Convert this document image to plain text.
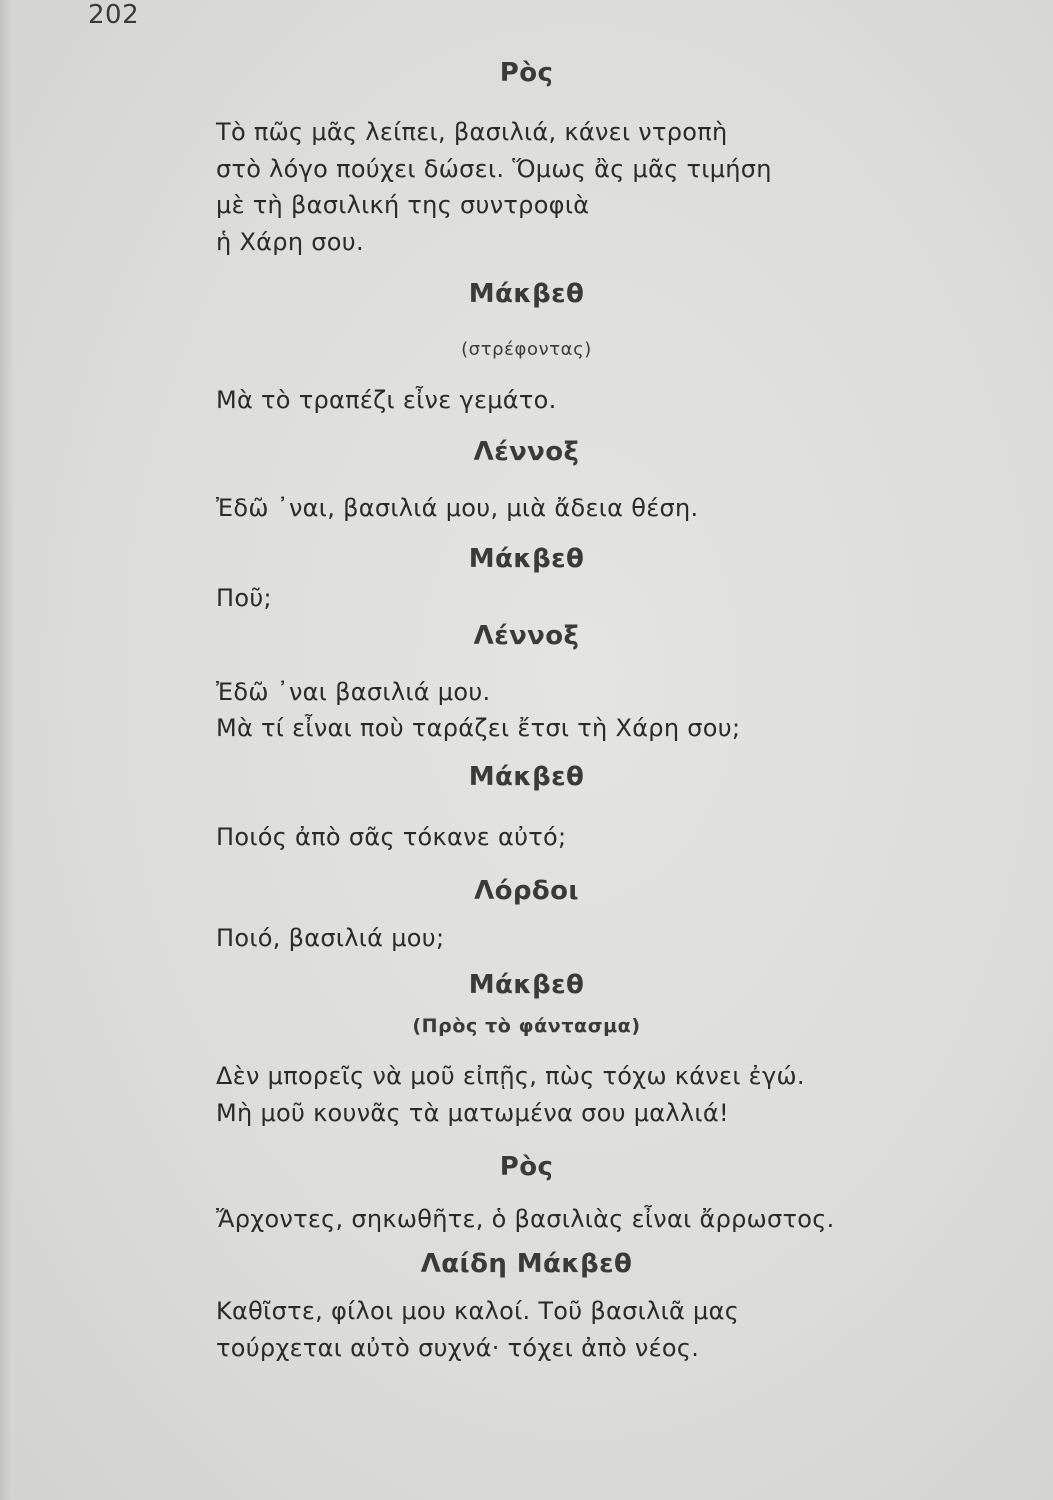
202
Ρὸς
Τὸ πῶς μᾶς λείπει, βασιλιά, κάνει ντροπὴ
στὸ λόγο πούχει δώσει. Ὅμως ἂς μᾶς τιμήση
μὲ τὴ βασιλική της συντροφιὰ
ἡ Χάρη σου.
Μάκβεθ
(στρέφοντας)
Μὰ τὸ τραπέζι εἶνε γεμάτο.
Λέννοξ
Ἐδῶ ᾽ναι, βασιλιά μου, μιὰ ἄδεια θέση.
Μάκβεθ
Ποῦ;
Λέννοξ
Ἐδῶ ᾽ναι βασιλιά μου.
Μὰ τί εἶναι ποὺ ταράζει ἔτσι τὴ Χάρη σου;
Μάκβεθ
Ποιός ἀπὸ σᾶς τόκανε αὐτό;
Λόρδοι
Ποιό, βασιλιά μου;
Μάκβεθ
(Πρὸς τὸ φάντασμα)
Δὲν μπορεῖς νὰ μοῦ εἰπῇς, πὼς τόχω κάνει ἐγώ.
Μὴ μοῦ κουνᾶς τὰ ματωμένα σου μαλλιά!
Ρὸς
Ἄρχοντες, σηκωθῆτε, ὁ βασιλιὰς εἶναι ἄρρωστος.
Λαίδη Μάκβεθ
Καθῖστε, φίλοι μου καλοί. Τοῦ βασιλιᾶ μας
τούρχεται αὐτὸ συχνά· τόχει ἀπὸ νέος.
